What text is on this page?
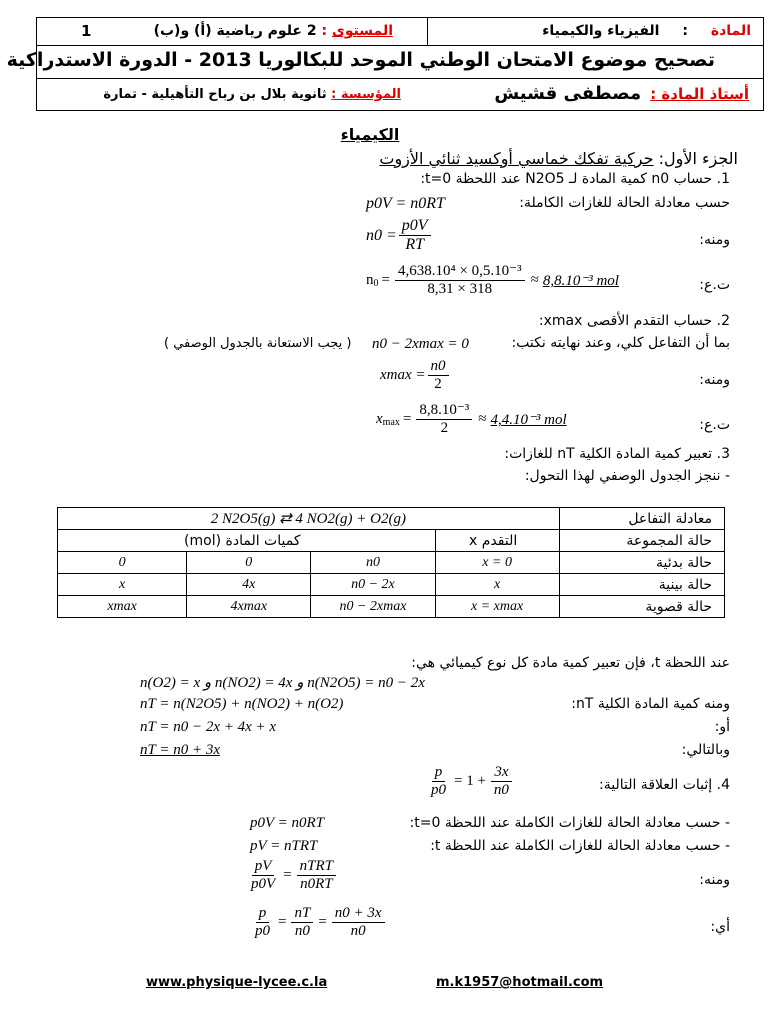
1	المستوى : 2 علوم رياضية (أ) و(ب)	المادة : الفيزياء والكيمياء
تصحيح موضوع الامتحان الوطني الموحد للبكالوريا 2013 - الدورة الاستدراكية
أستاذ المادة : مصطفى قشيش
المؤسسة : ثانوية بلال بن رباح التأهيلية - تمارة
الكيمياء
الجزء الأول: حركية تفكك خماسي أوكسيد ثنائي الأزوت
1. حساب n0 كمية المادة لـ N2O5 عند اللحظة t=0:
حسب معادلة الحالة للغازات الكاملة:
p0V = n0RT
ومنه:
$n0 = \frac{p0V}{RT}$
ت.ع:
n $0 = \frac{\text{4,638.10⁴ × 0,5.10⁻³}}{8,31 \times 318} \approx 8,8.10^{-3}$ mol
2. حساب التقدم الأقصى xmax:
بما أن التفاعل كلي، وعند نهايته نكتب:
n0 − 2xmax = 0
( يجب الاستعانة بالجدول الوصفي )
ومنه:
$xmax = \frac{n0}{2}$
ت.ع:
x $\max = \frac{\text{8,8.10⁻³}}{2} \approx 4,4.10^{-3}$ mol
3. تعبير كمية المادة الكلية nT للغازات:
- ننجز الجدول الوصفي لهذا التحول:
2 N2O5(g) ⇄ 4 NO2(g) + O2(g)				معادلة التفاعل
كميات المادة (mol)			التقدم x	حالة المجموعة
0	0	n0	x = 0	حالة بدئية
x	4x	n0 − 2x	x	حالة بينية
xmax	4xmax	n0 − 2xmax	x = xmax	حالة قصوية
عند اللحظة t، فإن تعبير كمية مادة كل نوع كيميائي هي:
n(O2) = x و n(NO2) = 4x و n(N2O5) = n0 − 2x
ومنه كمية المادة الكلية nT:
nT = n(N2O5) + n(NO2) + n(O2)
أو:
nT = n0 − 2x + 4x + x
وبالتالي:
nT = n0 + 3x
4. إثبات العلاقة التالية:
$\frac{p}{p0} = 1 + \frac{3x}{n0}$
- حسب معادلة الحالة للغازات الكاملة عند اللحظة t=0:
p0V = n0RT
- حسب معادلة الحالة للغازات الكاملة عند اللحظة t:
pV = nTRT
ومنه:
$\frac{pV}{p0V} = \frac{\text{nTRT}}{n0RT}$
أي:
$\frac{p}{p0} = \frac{nT}{n0} = \frac{n0 + 3x}{n0}$
www.physique-lycee.c.la	m.k1957@hotmail.com
